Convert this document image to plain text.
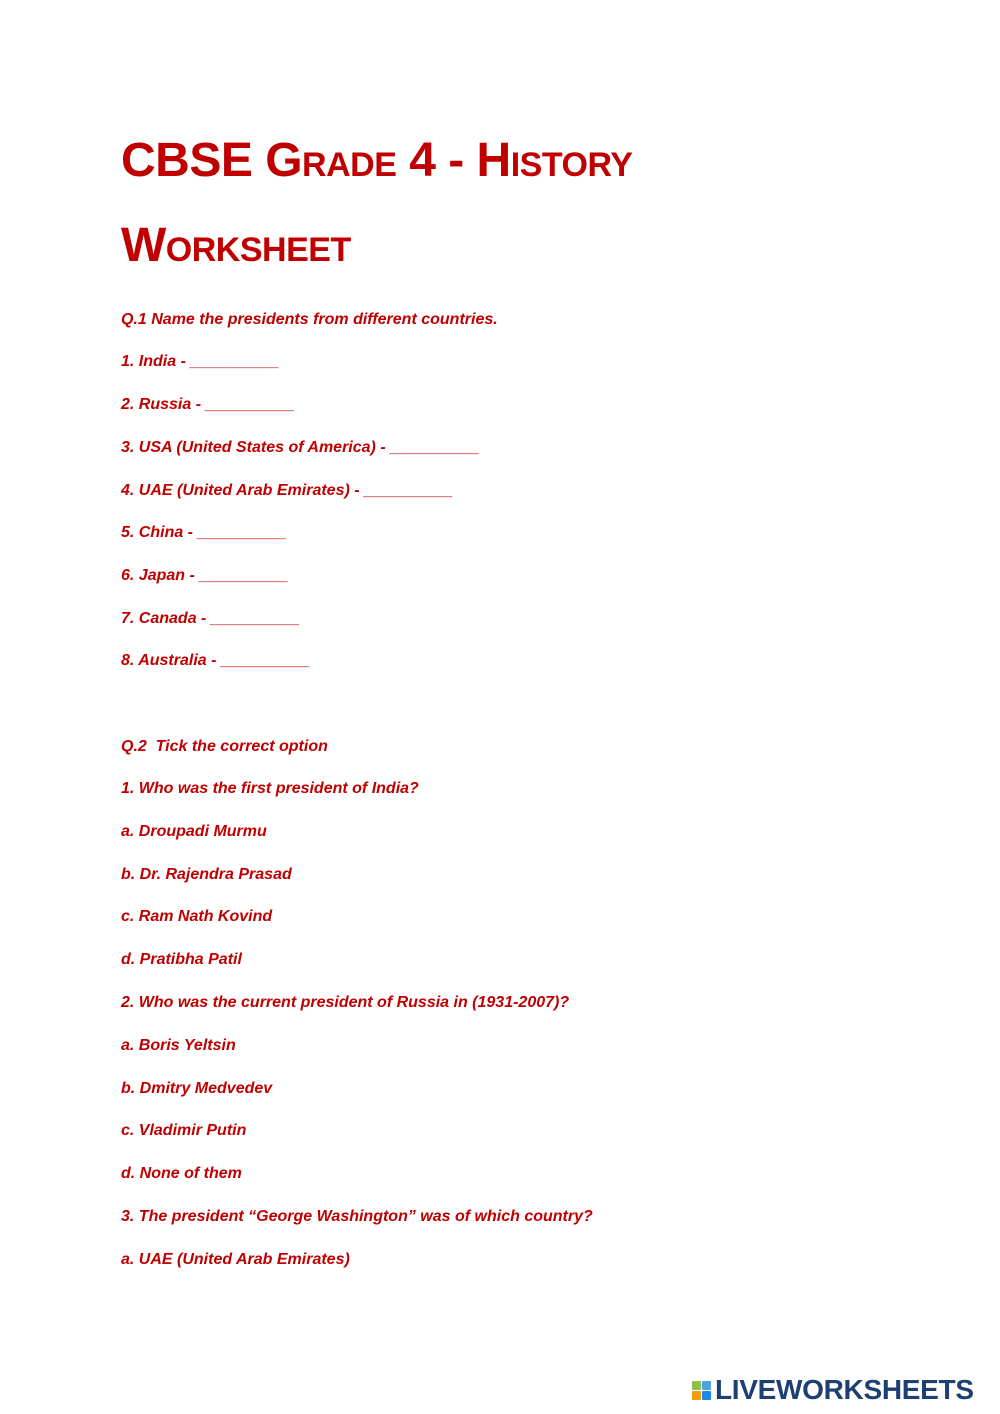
CBSE Grade 4 - History
Worksheet

Q.1 Name the presidents from different countries.

1. India - __________

2. Russia - __________

3. USA (United States of America) - __________

4. UAE (United Arab Emirates) - __________

5. China - __________

6. Japan - __________

7. Canada - __________

8. Australia - __________

Q.2  Tick the correct option

1. Who was the first president of India?

a. Droupadi Murmu

b. Dr. Rajendra Prasad

c. Ram Nath Kovind

d. Pratibha Patil

2. Who was the current president of Russia in (1931-2007)?

a. Boris Yeltsin

b. Dmitry Medvedev

c. Vladimir Putin

d. None of them

3. The president “George Washington” was of which country?

a. UAE (United Arab Emirates)

LIVEWORKSHEETS
